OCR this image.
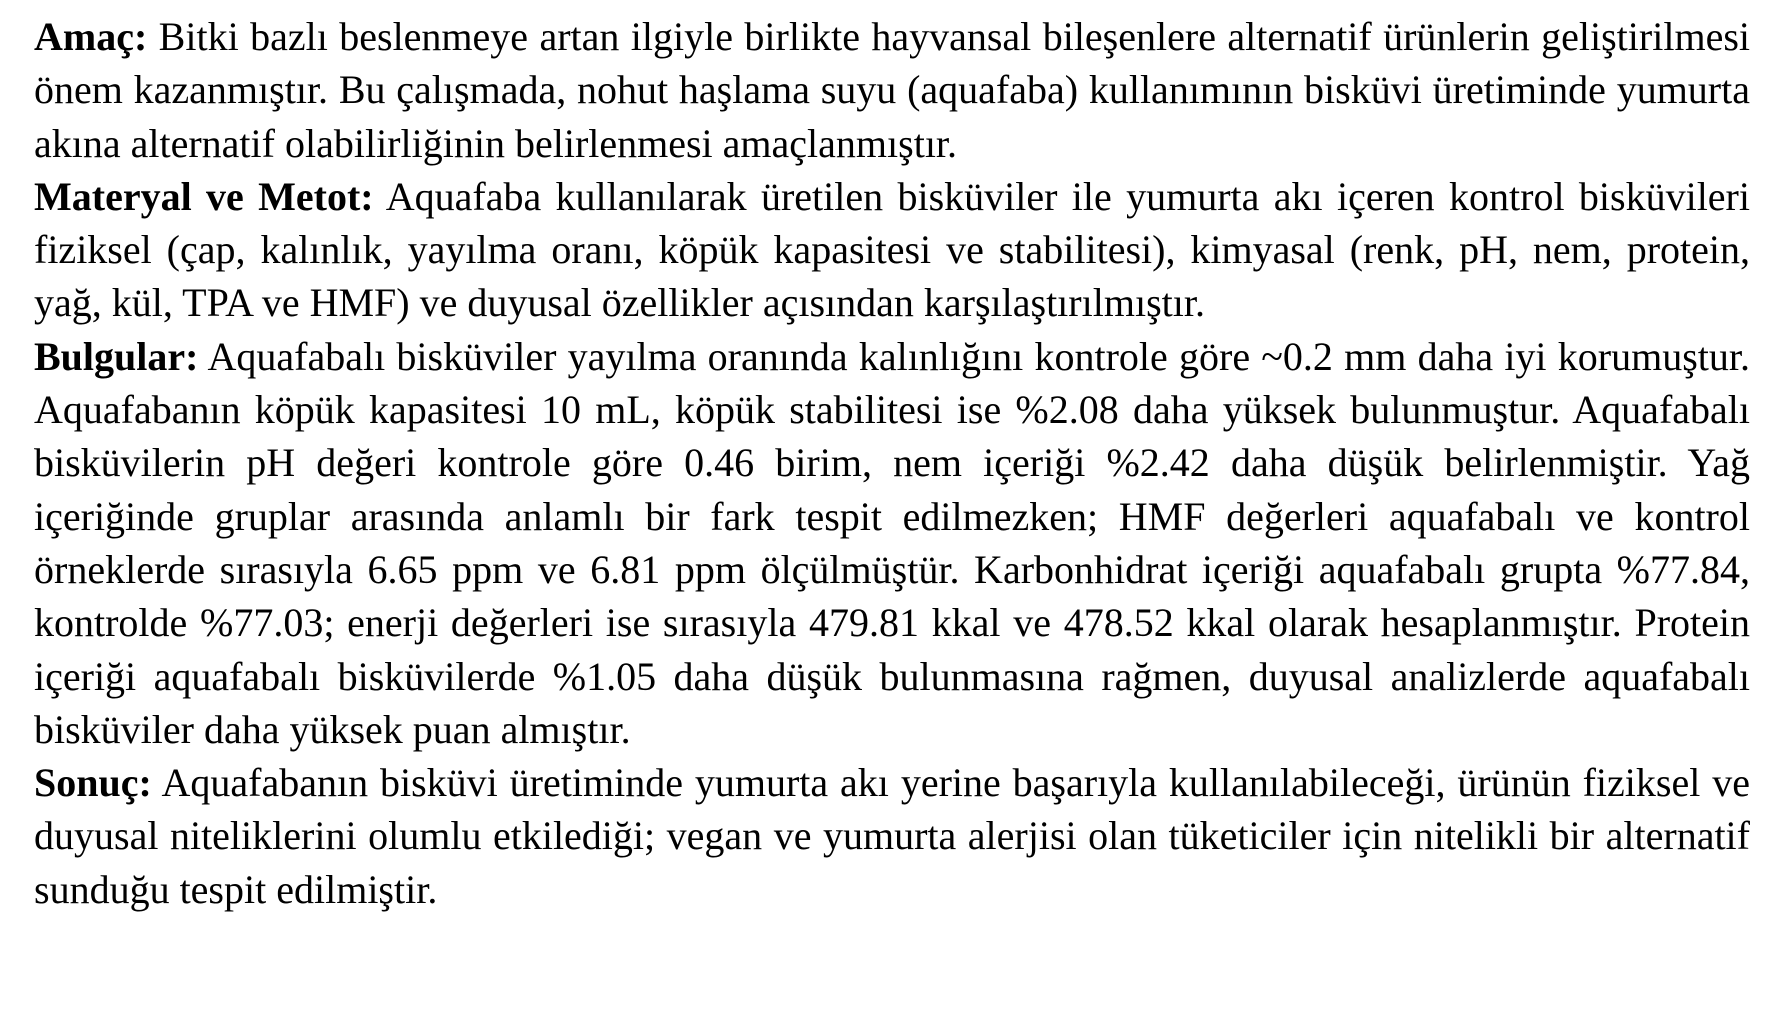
Amaç: Bitki bazlı beslenmeye artan ilgiyle birlikte hayvansal bileşenlere alternatif ürünlerin geliştirilmesi önem kazanmıştır. Bu çalışmada, nohut haşlama suyu (aquafaba) kullanımının bisküvi üretiminde yumurta akına alternatif olabilirliğinin belirlenmesi amaçlanmıştır.

Materyal ve Metot: Aquafaba kullanılarak üretilen bisküviler ile yumurta akı içeren kontrol bisküvileri fiziksel (çap, kalınlık, yayılma oranı, köpük kapasitesi ve stabilitesi), kimyasal (renk, pH, nem, protein, yağ, kül, TPA ve HMF) ve duyusal özellikler açısından karşılaştırılmıştır.

Bulgular: Aquafabalı bisküviler yayılma oranında kalınlığını kontrole göre ~0.2 mm daha iyi korumuştur. Aquafabanın köpük kapasitesi 10 mL, köpük stabilitesi ise %2.08 daha yüksek bulunmuştur. Aquafabalı bisküvilerin pH değeri kontrole göre 0.46 birim, nem içeriği %2.42 daha düşük belirlenmiştir. Yağ içeriğinde gruplar arasında anlamlı bir fark tespit edilmezken; HMF değerleri aquafabalı ve kontrol örneklerde sırasıyla 6.65 ppm ve 6.81 ppm ölçülmüştür. Karbonhidrat içeriği aquafabalı grupta %77.84, kontrolde %77.03; enerji değerleri ise sırasıyla 479.81 kkal ve 478.52 kkal olarak hesaplanmıştır. Protein içeriği aquafabalı bisküvilerde %1.05 daha düşük bulunmasına rağmen, duyusal analizlerde aquafabalı bisküviler daha yüksek puan almıştır.

Sonuç: Aquafabanın bisküvi üretiminde yumurta akı yerine başarıyla kullanılabileceği, ürünün fiziksel ve duyusal niteliklerini olumlu etkilediği; vegan ve yumurta alerjisi olan tüketiciler için nitelikli bir alternatif sunduğu tespit edilmiştir.
